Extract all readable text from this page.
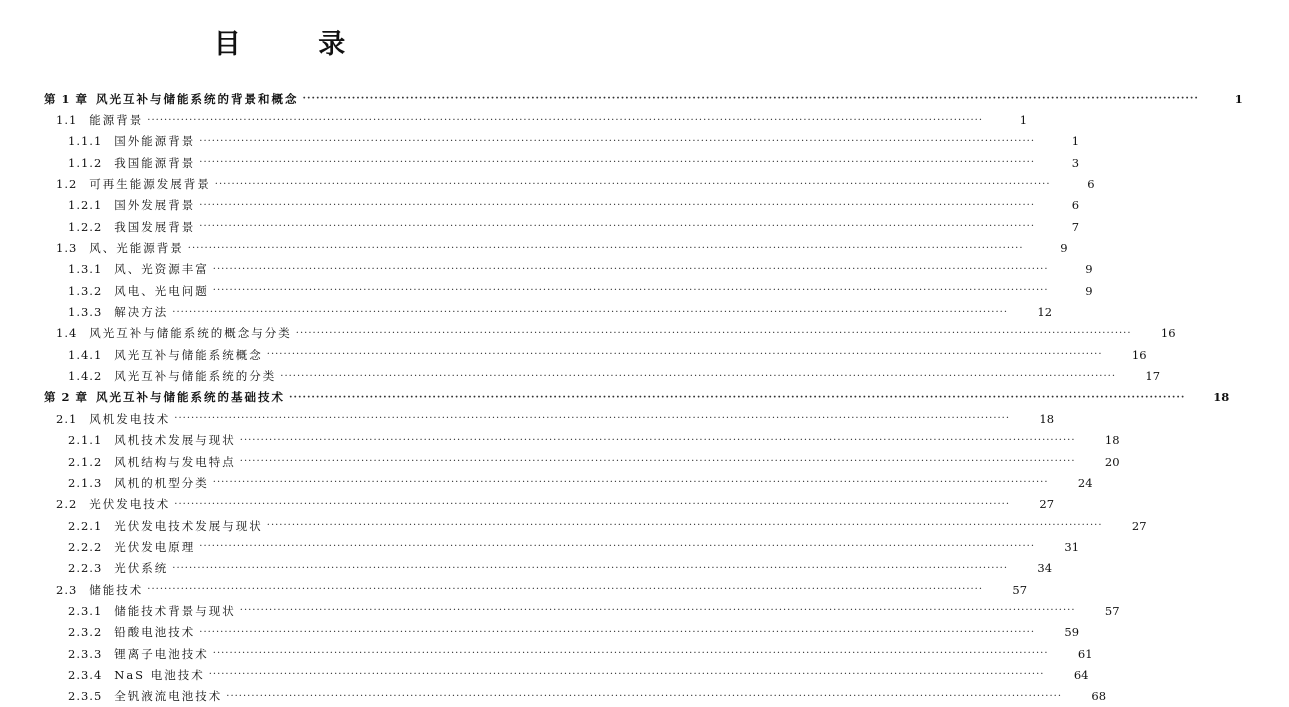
目 录
第 1 章 风光互补与储能系统的背景和概念 ········································································································································································································	1
1.1 能源背景 ········································································································································································································	1
1.1.1 国外能源背景 ········································································································································································································	1
1.1.2 我国能源背景 ········································································································································································································	3
1.2 可再生能源发展背景 ········································································································································································································	6
1.2.1 国外发展背景 ········································································································································································································	6
1.2.2 我国发展背景 ········································································································································································································	7
1.3 风、光能源背景 ········································································································································································································	9
1.3.1 风、光资源丰富 ········································································································································································································	9
1.3.2 风电、光电问题 ········································································································································································································	9
1.3.3 解决方法 ········································································································································································································	12
1.4 风光互补与储能系统的概念与分类 ········································································································································································································	16
1.4.1 风光互补与储能系统概念 ········································································································································································································	16
1.4.2 风光互补与储能系统的分类 ········································································································································································································	17
第 2 章 风光互补与储能系统的基础技术 ········································································································································································································	18
2.1 风机发电技术 ········································································································································································································	18
2.1.1 风机技术发展与现状 ········································································································································································································	18
2.1.2 风机结构与发电特点 ········································································································································································································	20
2.1.3 风机的机型分类 ········································································································································································································	24
2.2 光伏发电技术 ········································································································································································································	27
2.2.1 光伏发电技术发展与现状 ········································································································································································································	27
2.2.2 光伏发电原理 ········································································································································································································	31
2.2.3 光伏系统 ········································································································································································································	34
2.3 储能技术 ········································································································································································································	57
2.3.1 储能技术背景与现状 ········································································································································································································	57
2.3.2 铅酸电池技术 ········································································································································································································	59
2.3.3 锂离子电池技术 ········································································································································································································	61
2.3.4 NaS 电池技术 ········································································································································································································	64
2.3.5 全钒液流电池技术 ········································································································································································································	68
